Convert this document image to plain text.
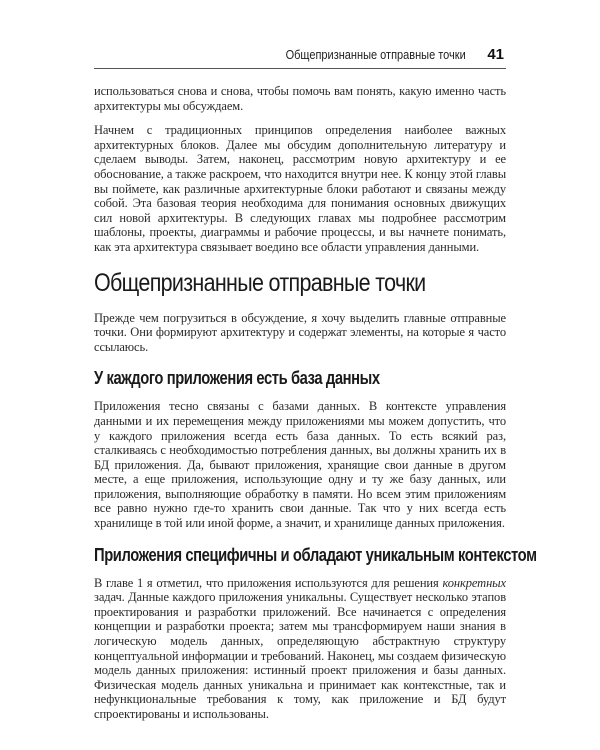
Общепризнанные отправные точки 41

использоваться снова и снова, чтобы помочь вам понять, какую именно часть архитектуры мы обсуждаем.

Начнем с традиционных принципов определения наиболее важных архитектурных блоков. Далее мы обсудим дополнительную литературу и сделаем выводы. Затем, наконец, рассмотрим новую архитектуру и ее обоснование, а также раскроем, что находится внутри нее. К концу этой главы вы поймете, как различные архитектурные блоки работают и связаны между собой. Эта базовая теория необходима для понимания основных движущих сил новой архитектуры. В следующих главах мы подробнее рассмотрим шаблоны, проекты, диаграммы и рабочие процессы, и вы начнете понимать, как эта архитектура связывает воедино все области управления данными.

Общепризнанные отправные точки

Прежде чем погрузиться в обсуждение, я хочу выделить главные отправные точки. Они формируют архитектуру и содержат элементы, на которые я часто ссылаюсь.

У каждого приложения есть база данных

Приложения тесно связаны с базами данных. В контексте управления данными и их перемещения между приложениями мы можем допустить, что у каждого приложения всегда есть база данных. То есть всякий раз, сталкиваясь с необходимостью потребления данных, вы должны хранить их в БД приложения. Да, бывают приложения, хранящие свои данные в другом месте, а еще приложения, использующие одну и ту же базу данных, или приложения, выполняющие обработку в памяти. Но всем этим приложениям все равно нужно где-то хранить свои данные. Так что у них всегда есть хранилище в той или иной форме, а значит, и хранилище данных приложения.

Приложения специфичны и обладают уникальным контекстом

В главе 1 я отметил, что приложения используются для решения конкретных задач. Данные каждого приложения уникальны. Существует несколько этапов проектирования и разработки приложений. Все начинается с определения концепции и разработки проекта; затем мы трансформируем наши знания в логическую модель данных, определяющую абстрактную структуру концептуальной информации и требований. Наконец, мы создаем физическую модель данных приложения: истинный проект приложения и базы данных. Физическая модель данных уникальна и принимает как контекстные, так и нефункциональные требования к тому, как приложение и БД будут спроектированы и использованы.
